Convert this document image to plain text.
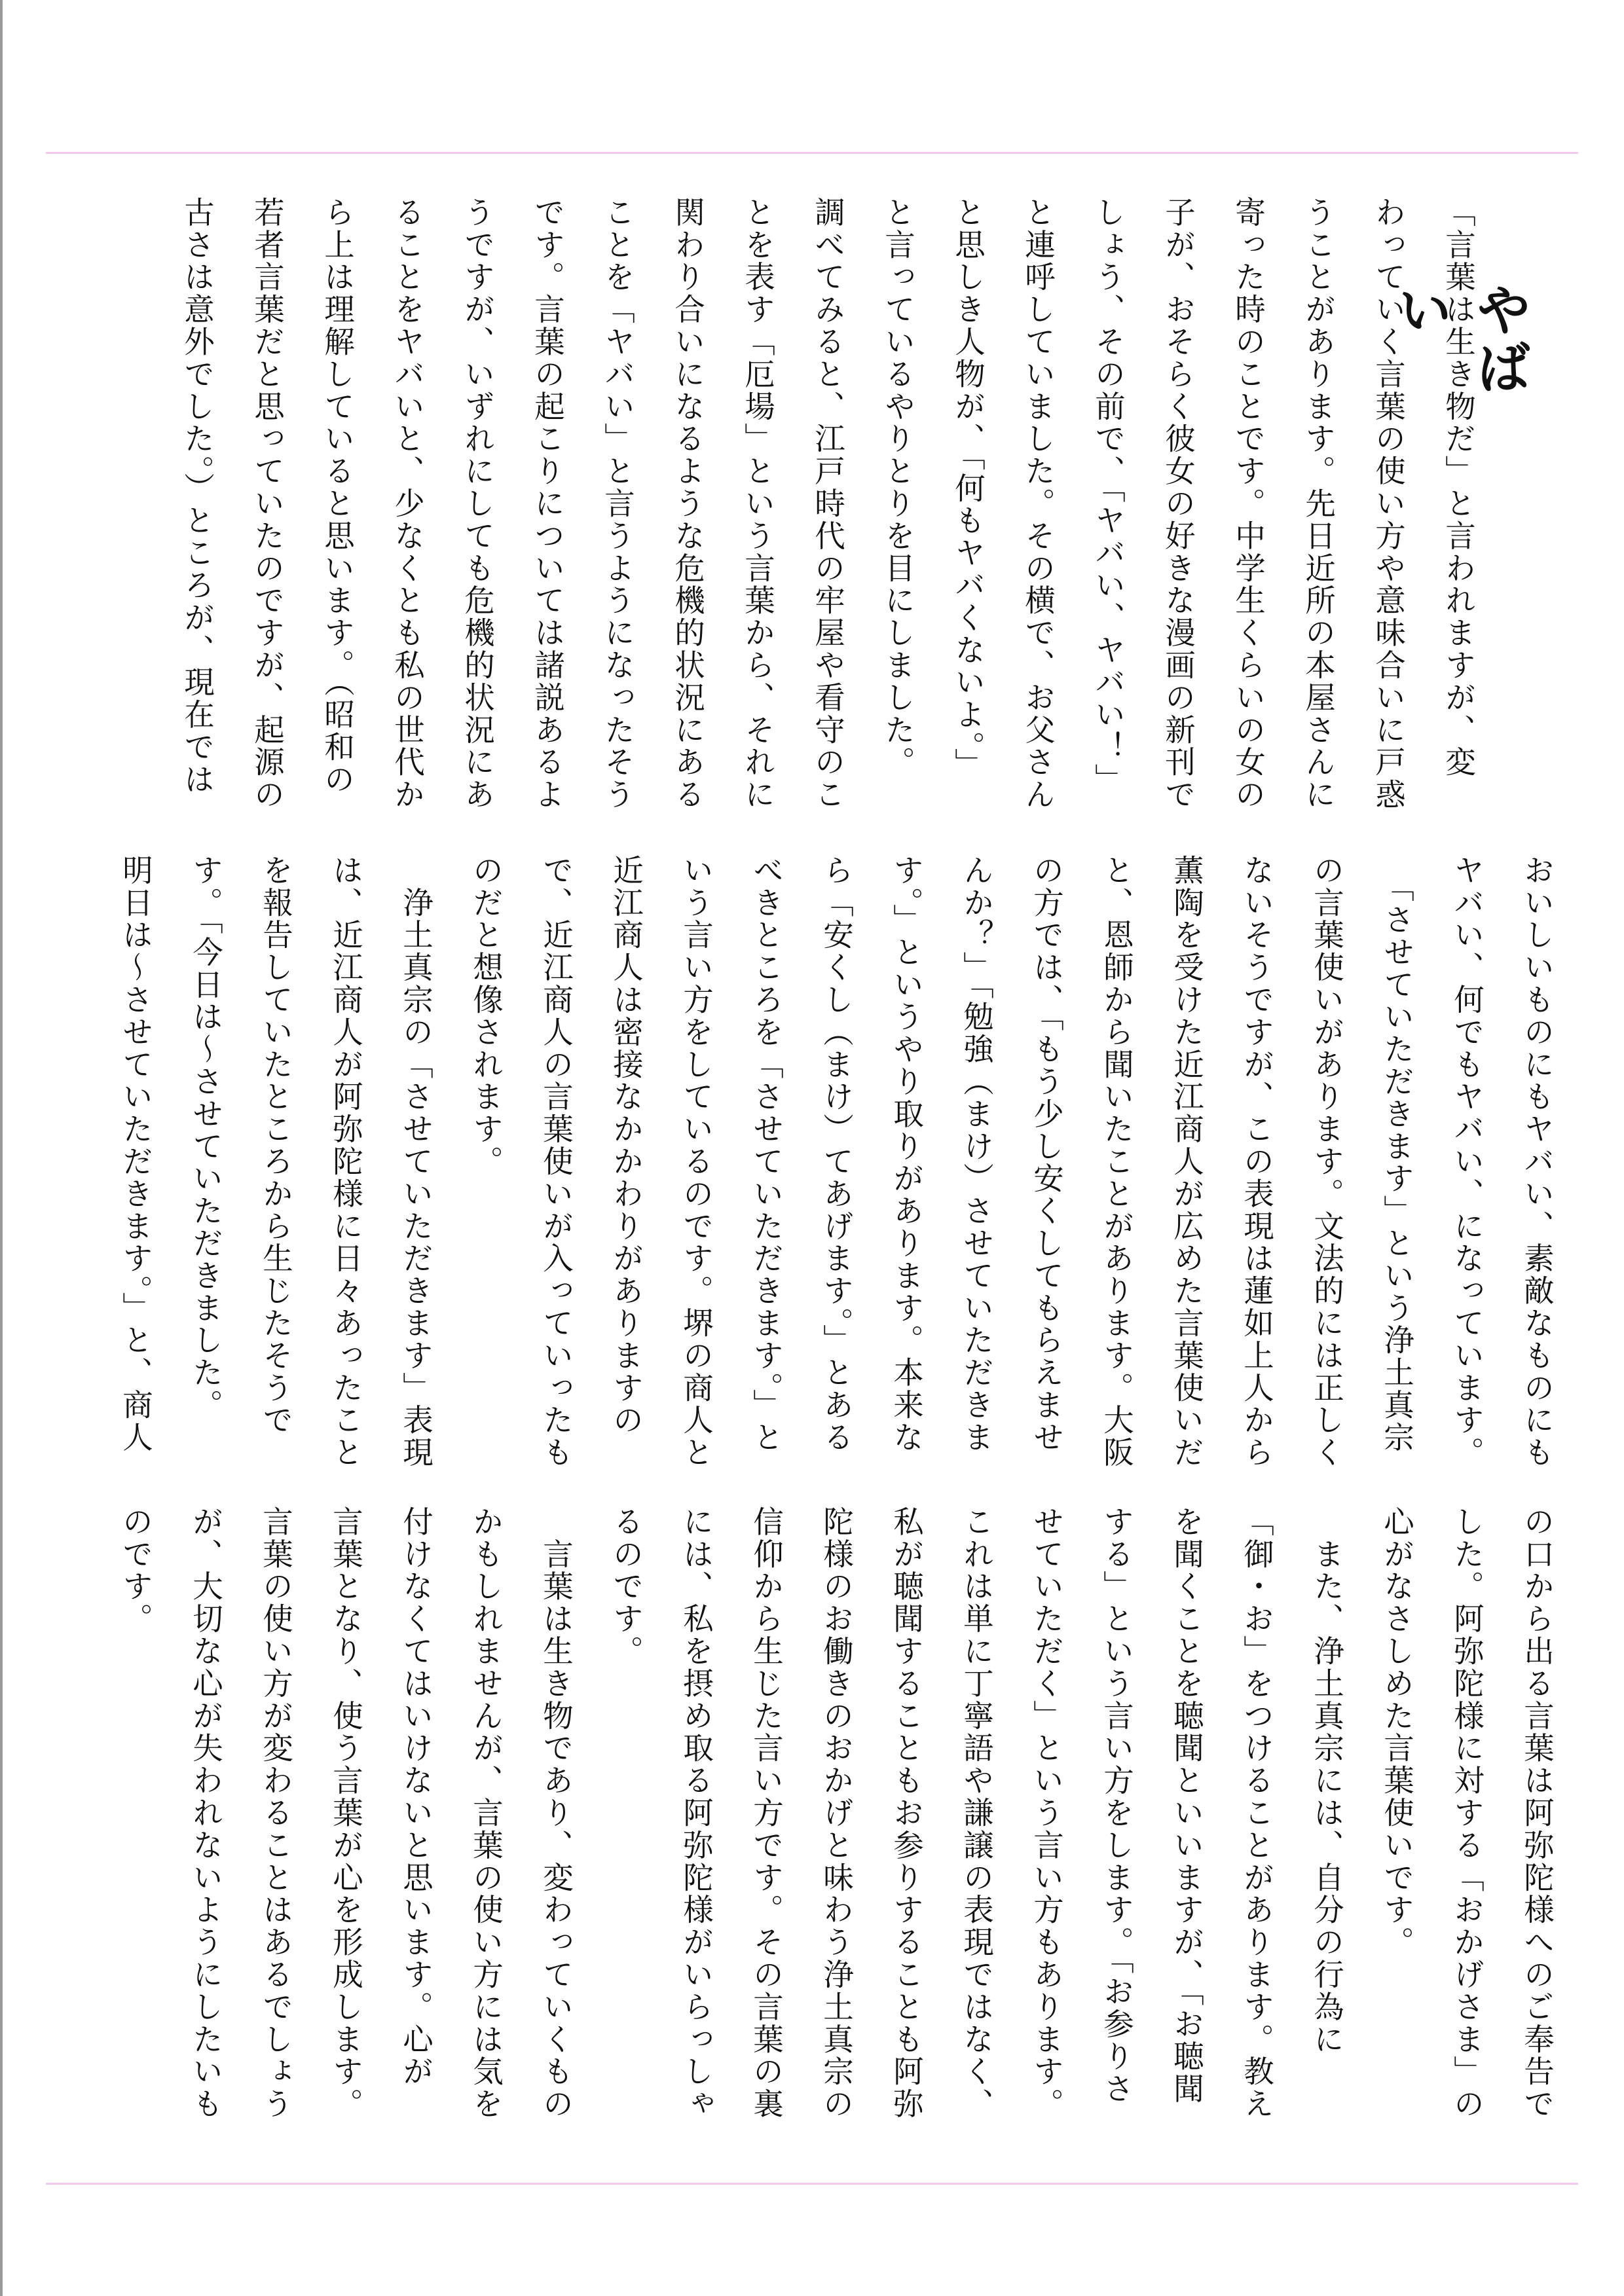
やばい
「言葉は生き物だ」と言われますが、変
わっていく言葉の使い方や意味合いに戸惑
うことがあります。先日近所の本屋さんに
寄った時のことです。中学生くらいの女の
子が、おそらく彼女の好きな漫画の新刊で
しょう、その前で、「ヤバい、ヤバい！」
と連呼していました。その横で、お父さん
と思しき人物が、「何もヤバくないよ。」
と言っているやりとりを目にしました。
調べてみると、江戸時代の牢屋や看守のこ
とを表す「厄場」という言葉から、それに
関わり合いになるような危機的状況にある
ことを「ヤバい」と言うようになったそう
です。言葉の起こりについては諸説あるよ
うですが、いずれにしても危機的状況にあ
ることをヤバいと、少なくとも私の世代か
ら上は理解していると思います。（昭和の
若者言葉だと思っていたのですが、起源の
古さは意外でした。）ところが、現在では
おいしいものにもヤバい、素敵なものにも
ヤバい、何でもヤバい、になっています。
　「させていただきます」という浄土真宗
の言葉使いがあります。文法的には正しく
ないそうですが、この表現は蓮如上人から
薫陶を受けた近江商人が広めた言葉使いだ
と、恩師から聞いたことがあります。大阪
の方では、「もう少し安くしてもらえませ
んか？」「勉強（まけ）させていただきま
す。」というやり取りがあります。本来な
ら「安くし（まけ）てあげます。」とある
べきところを「させていただきます。」と
いう言い方をしているのです。堺の商人と
近江商人は密接なかかわりがありますの
で、近江商人の言葉使いが入っていったも
のだと想像されます。
　浄土真宗の「させていただきます」表現
は、近江商人が阿弥陀様に日々あったこと
を報告していたところから生じたそうで
す。「今日は～させていただきました。
明日は～させていただきます。」と、商人
の口から出る言葉は阿弥陀様へのご奉告で
した。阿弥陀様に対する「おかげさま」の
心がなさしめた言葉使いです。
　また、浄土真宗には、自分の行為に
「御・お」をつけることがあります。教え
を聞くことを聴聞といいますが、「お聴聞
する」という言い方をします。「お参りさ
せていただく」という言い方もあります。
これは単に丁寧語や謙譲の表現ではなく、
私が聴聞することもお参りすることも阿弥
陀様のお働きのおかげと味わう浄土真宗の
信仰から生じた言い方です。その言葉の裏
には、私を摂め取る阿弥陀様がいらっしゃ
るのです。
　言葉は生き物であり、変わっていくもの
かもしれませんが、言葉の使い方には気を
付けなくてはいけないと思います。心が
言葉となり、使う言葉が心を形成します。
言葉の使い方が変わることはあるでしょう
が、大切な心が失われないようにしたいも
のです。
